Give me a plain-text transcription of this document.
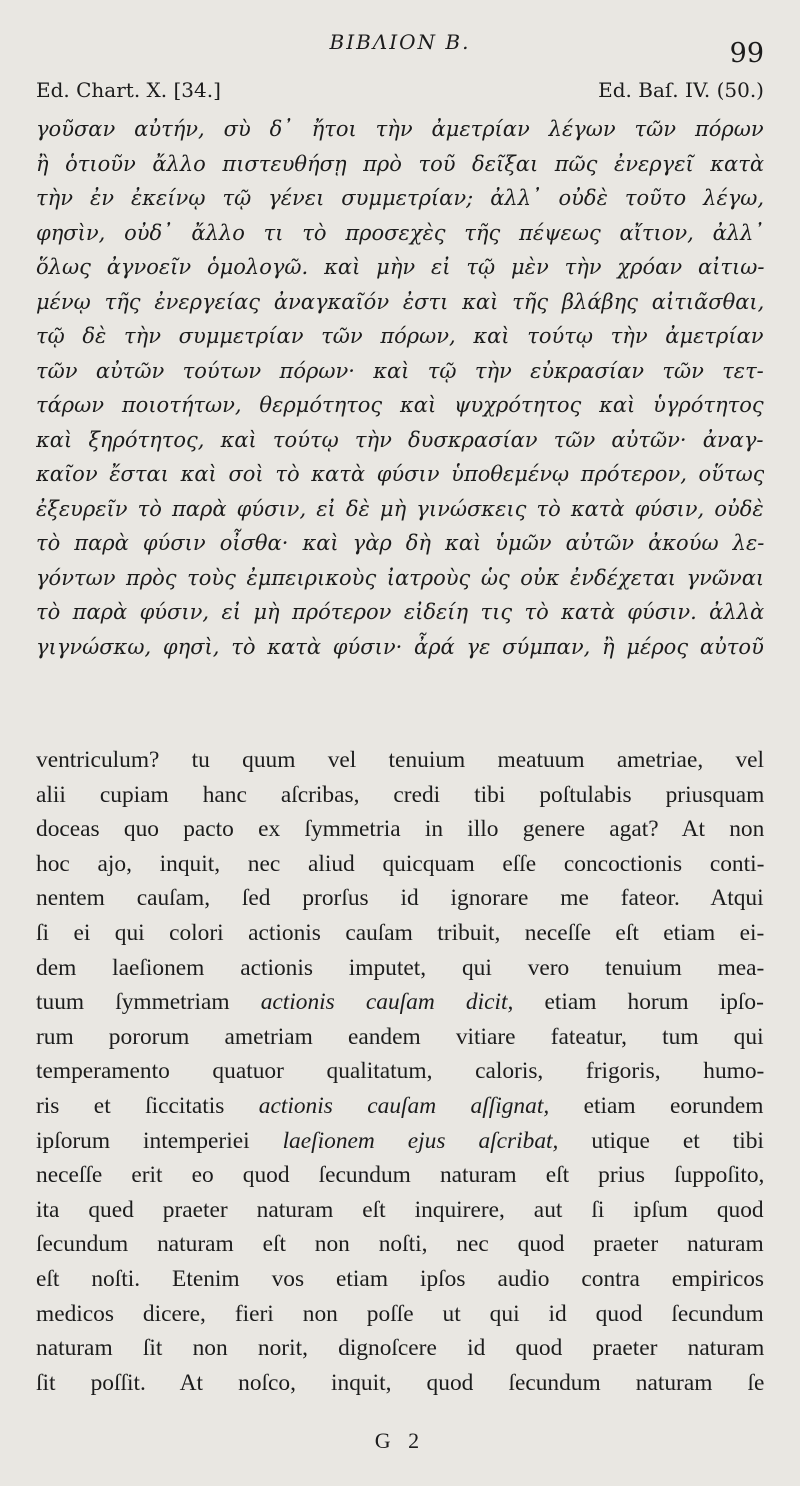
BIBΛΙΟΝ B.	99
Ed. Chart. X. [34.]	Ed. Baſ. IV. (50.)
γοῦσαν αὐτήν, σὺ δ᾽ ἤτοι τὴν ἀμετρίαν λέγων τῶν πόρων
ἢ ὁτιοῦν ἄλλο πιστευθήσῃ πρὸ τοῦ δεῖξαι πῶς ἐνεργεῖ κατὰ
τὴν ἐν ἐκείνῳ τῷ γένει συμμετρίαν; ἀλλ᾽ οὐδὲ τοῦτο λέγω,
φησὶν, οὐδ᾽ ἄλλο τι τὸ προσεχὲς τῆς πέψεως αἴτιον, ἀλλ᾽
ὅλως ἀγνοεῖν ὁμολογῶ. καὶ μὴν εἰ τῷ μὲν τὴν χρόαν αἰτιω-
μένῳ τῆς ἐνεργείας ἀναγκαῖόν ἐστι καὶ τῆς βλάβης αἰτιᾶσθαι,
τῷ δὲ τὴν συμμετρίαν τῶν πόρων, καὶ τούτῳ τὴν ἀμετρίαν
τῶν αὐτῶν τούτων πόρων· καὶ τῷ τὴν εὐκρασίαν τῶν τετ-
τάρων ποιοτήτων, θερμότητος καὶ ψυχρότητος καὶ ὑγρότητος
καὶ ξηρότητος, καὶ τούτῳ τὴν δυσκρασίαν τῶν αὐτῶν· ἀναγ-
καῖον ἔσται καὶ σοὶ τὸ κατὰ φύσιν ὑποθεμένῳ πρότερον, οὕτως
ἐξευρεῖν τὸ παρὰ φύσιν, εἰ δὲ μὴ γινώσκεις τὸ κατὰ φύσιν, οὐδὲ
τὸ παρὰ φύσιν οἶσθα· καὶ γὰρ δὴ καὶ ὑμῶν αὐτῶν ἀκούω λε-
γόντων πρὸς τοὺς ἐμπειρικοὺς ἰατροὺς ὡς οὐκ ἐνδέχεται γνῶναι
τὸ παρὰ φύσιν, εἰ μὴ πρότερον εἰδείη τις τὸ κατὰ φύσιν. ἀλλὰ
γιγνώσκω, φησὶ, τὸ κατὰ φύσιν· ἆρά γε σύμπαν, ἢ μέρος αὐτοῦ
ventriculum? tu quum vel tenuium meatuum ametriae, vel
alii cupiam hanc aſcribas, credi tibi poſtulabis priusquam
doceas quo pacto ex ſymmetria in illo genere agat? At non
hoc ajo, inquit, nec aliud quicquam eſſe concoctionis conti-
nentem cauſam, ſed prorſus id ignorare me fateor. Atqui
ſi ei qui colori actionis cauſam tribuit, neceſſe eſt etiam ei-
dem laeſionem actionis imputet, qui vero tenuium mea-
tuum ſymmetriam actionis cauſam dicit, etiam horum ipſo-
rum pororum ametriam eandem vitiare fateatur, tum qui
temperamento quatuor qualitatum, caloris, frigoris, humo-
ris et ſiccitatis actionis cauſam aſſignat, etiam eorundem
ipſorum intemperiei laeſionem ejus aſcribat, utique et tibi
neceſſe erit eo quod ſecundum naturam eſt prius ſuppoſito,
ita qued praeter naturam eſt inquirere, aut ſi ipſum quod
ſecundum naturam eſt non noſti, nec quod praeter naturam
eſt noſti. Etenim vos etiam ipſos audio contra empiricos
medicos dicere, fieri non poſſe ut qui id quod ſecundum
naturam ſit non norit, dignoſcere id quod praeter naturam
ſit poſſit. At noſco, inquit, quod ſecundum naturam ſe
G 2
